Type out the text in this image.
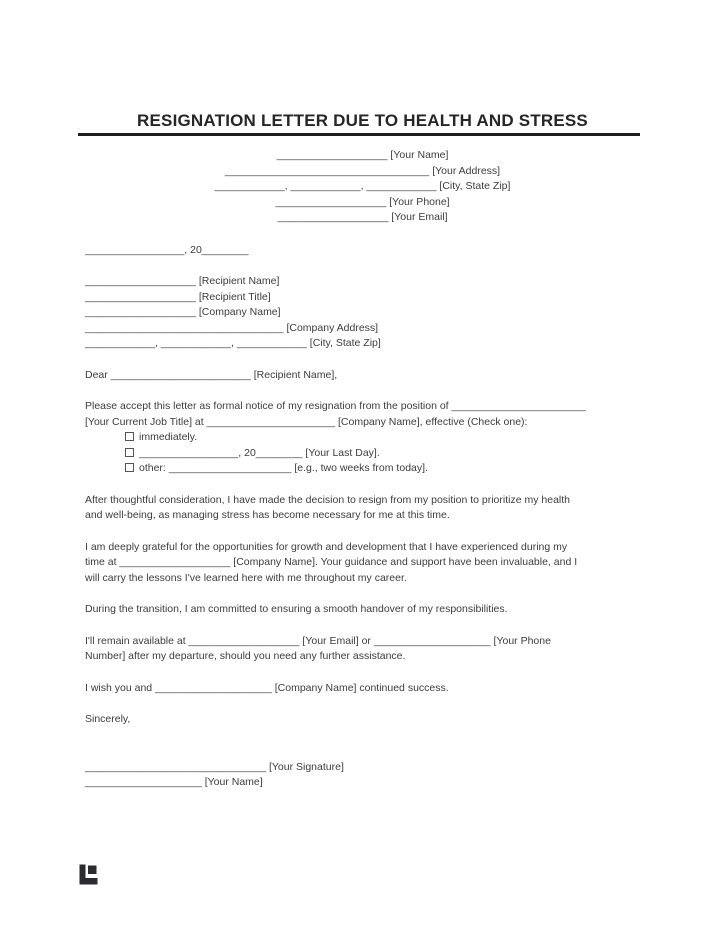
RESIGNATION LETTER DUE TO HEALTH AND STRESS
___________________ [Your Name]
___________________________________ [Your Address]
____________, ____________, ____________ [City, State Zip]
___________________ [Your Phone]
___________________ [Your Email]
_________________, 20________
___________________ [Recipient Name]
___________________ [Recipient Title]
___________________ [Company Name]
__________________________________ [Company Address]
____________, ____________, ____________ [City, State Zip]
Dear ________________________ [Recipient Name],
Please accept this letter as formal notice of my resignation from the position of _______________________
[Your Current Job Title] at ______________________ [Company Name], effective (Check one):
immediately.
_________________, 20________ [Your Last Day].
other: _____________________ [e.g., two weeks from today].
After thoughtful consideration, I have made the decision to resign from my position to prioritize my health
and well-being, as managing stress has become necessary for me at this time.
I am deeply grateful for the opportunities for growth and development that I have experienced during my
time at ___________________ [Company Name]. Your guidance and support have been invaluable, and I
will carry the lessons I've learned here with me throughout my career.
During the transition, I am committed to ensuring a smooth handover of my responsibilities.
I'll remain available at ___________________ [Your Email] or ____________________ [Your Phone
Number] after my departure, should you need any further assistance.
I wish you and ____________________ [Company Name] continued success.
Sincerely,
_______________________________ [Your Signature]
____________________ [Your Name]
